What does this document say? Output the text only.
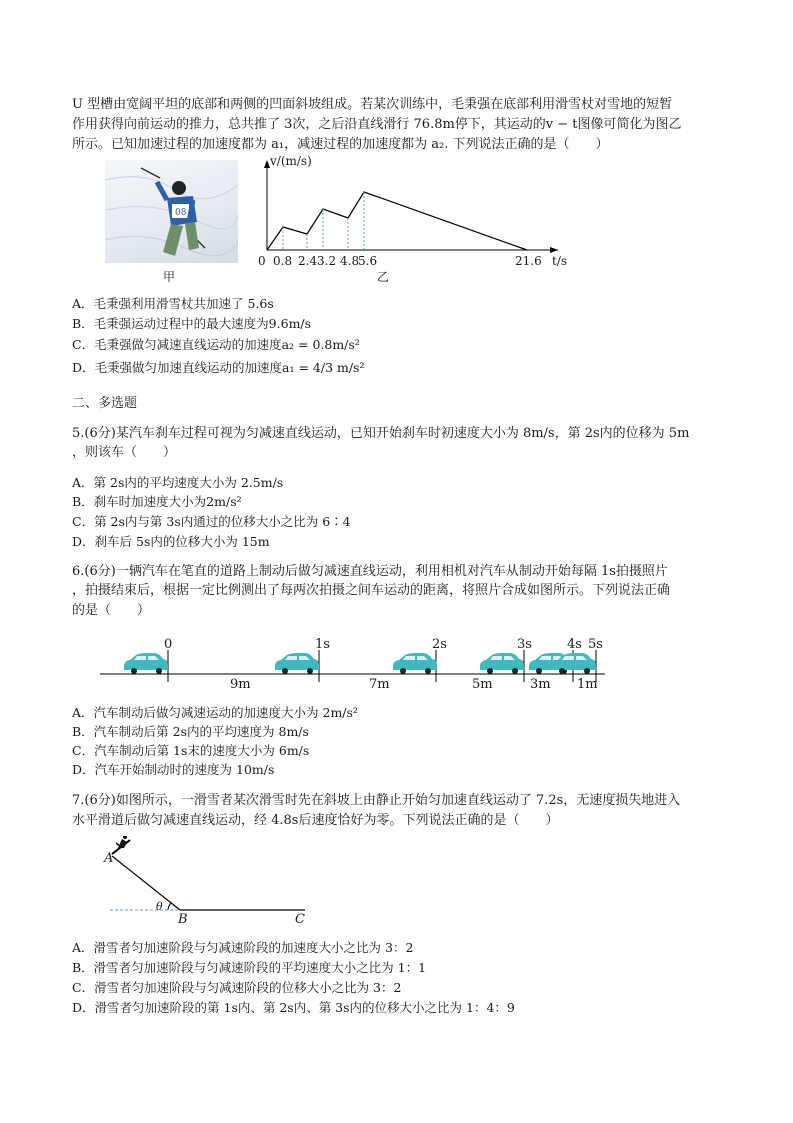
U 型槽由宽阔平坦的底部和两侧的凹面斜坡组成。若某次训练中，毛秉强在底部利用滑雪杖对雪地的短暂
作用获得向前运动的推力，总共推了 3次，之后沿直线滑行 76.8m停下，其运动的v − t图像可简化为图乙
所示。已知加速过程的加速度都为 a₁，减速过程的加速度都为 a₂. 下列说法正确的是（　　）
08
甲
v/(m/s)
t/s
0 0.8 2.4 3.2 4.8
5.6	21.6
乙
A．毛秉强利用滑雪杖共加速了 5.6s
B．毛秉强运动过程中的最大速度为9.6m/s
C．毛秉强做匀减速直线运动的加速度a₂ = 0.8m/s²
D．毛秉强做匀加速直线运动的加速度a₁ = 4/3 m/s²
二、多选题
5.(6分)某汽车刹车过程可视为匀减速直线运动，已知开始刹车时初速度大小为 8m/s，第 2s内的位移为 5m
，则该车（　　）
A．第 2s内的平均速度大小为 2.5m/s
B．刹车时加速度大小为2m/s²
C．第 2s内与第 3s内通过的位移大小之比为 6∶4
D．刹车后 5s内的位移大小为 15m
6.(6分)一辆汽车在笔直的道路上制动后做匀减速直线运动，利用相机对汽车从制动开始每隔 1s拍摄照片
，拍摄结束后，根据一定比例测出了每两次拍摄之间车运动的距离，将照片合成如图所示。下列说法正确
的是（　　）
0	1s	2s	3s	4s 5s
9m	7m	5m	3m 1m
A．汽车制动后做匀减速运动的加速度大小为 2m/s²
B．汽车制动后第 2s内的平均速度为 8m/s
C．汽车制动后第 1s末的速度大小为 6m/s
D．汽车开始制动时的速度为 10m/s
7.(6分)如图所示，一滑雪者某次滑雪时先在斜坡上由静止开始匀加速直线运动了 7.2s，无速度损失地进入
水平滑道后做匀减速直线运动，经 4.8s后速度恰好为零。下列说法正确的是（　　）
A
B	C
θ
A．滑雪者匀加速阶段与匀减速阶段的加速度大小之比为 3：2
B．滑雪者匀加速阶段与匀减速阶段的平均速度大小之比为 1：1
C．滑雪者匀加速阶段与匀减速阶段的位移大小之比为 3：2
D．滑雪者匀加速阶段的第 1s内、第 2s内、第 3s内的位移大小之比为 1：4：9
